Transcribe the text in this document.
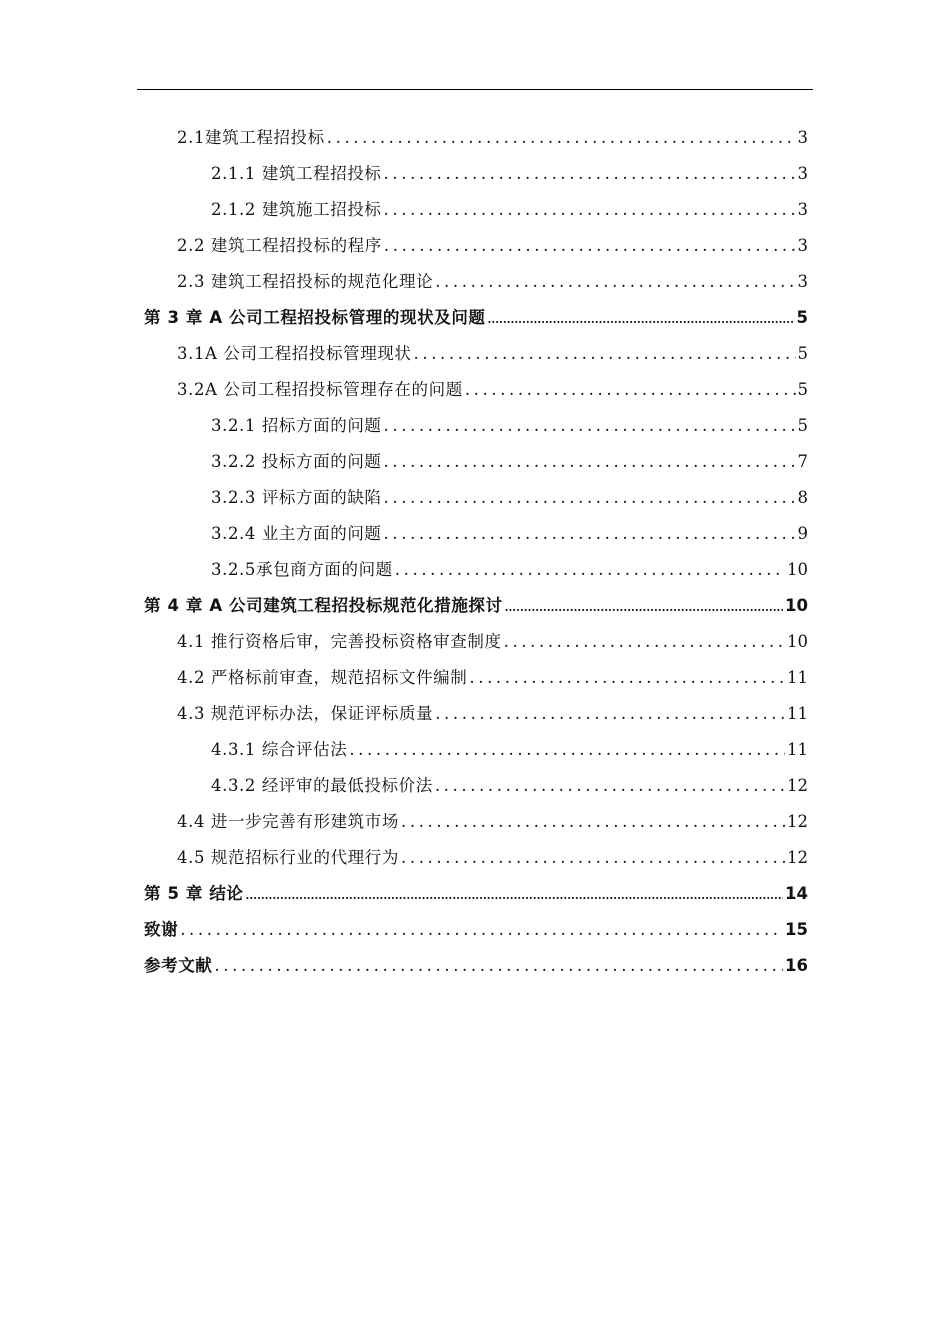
2.1建筑工程招投标 .....	3
2.1.1 建筑工程招投标 .....	3
2.1.2 建筑施工招投标 .....	3
2.2 建筑工程招投标的程序 .....	3
2.3 建筑工程招投标的规范化理论 .....	3
第 3 章 A 公司工程招投标管理的现状及问题 .....	5
3.1A 公司工程招投标管理现状 .....	5
3.2A 公司工程招投标管理存在的问题 .....	5
3.2.1 招标方面的问题 .....	5
3.2.2 投标方面的问题 .....	7
3.2.3 评标方面的缺陷 .....	8
3.2.4 业主方面的问题 .....	9
3.2.5承包商方面的问题 .....	10
第 4 章 A 公司建筑工程招投标规范化措施探讨 .....	10
4.1 推行资格后审，完善投标资格审查制度 .....	10
4.2 严格标前审查，规范招标文件编制 .....	11
4.3 规范评标办法，保证评标质量 .....	11
4.3.1 综合评估法 .....	11
4.3.2 经评审的最低投标价法 .....	12
4.4 进一步完善有形建筑市场 .....	12
4.5 规范招标行业的代理行为 .....	12
第 5 章 结论 .....	14
致谢 .....	15
参考文献 .....	16
